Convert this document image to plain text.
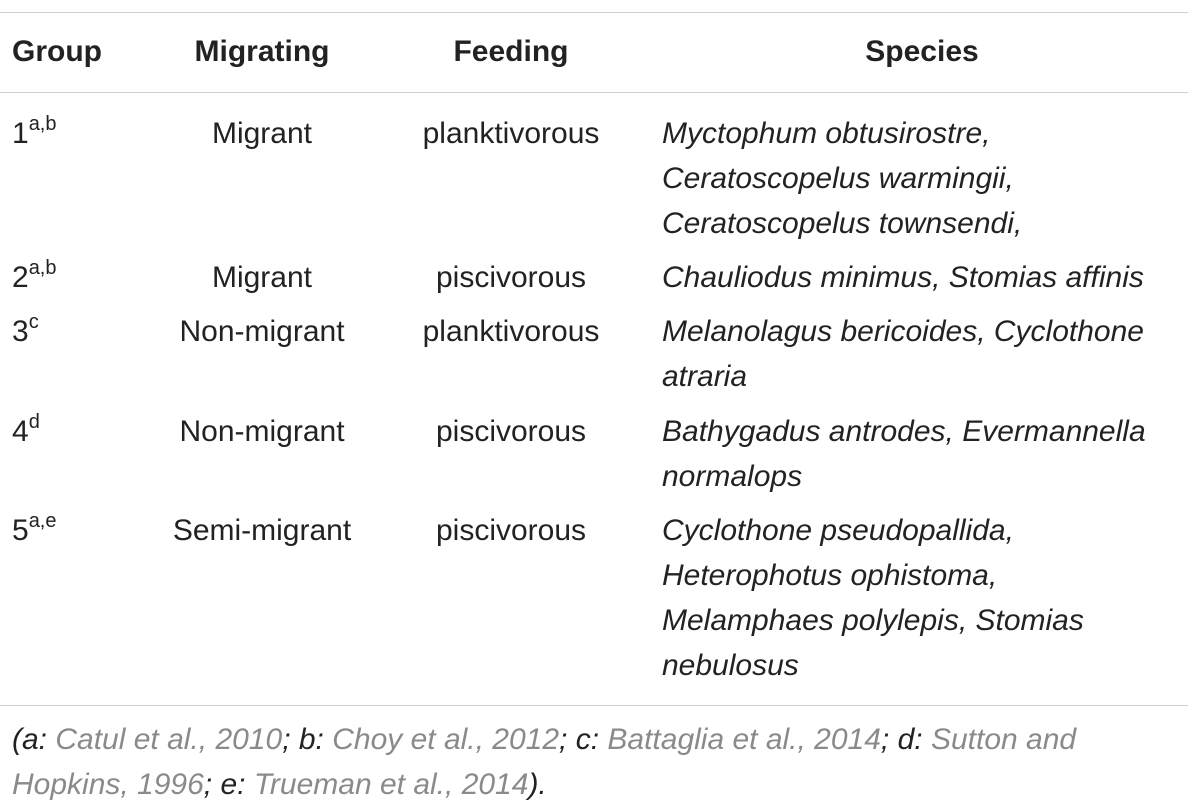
Group	Migrating	Feeding	Species
1$^{a,b}$	Migrant	planktivorous	Myctophum obtusirostre,
Ceratoscopelus warmingii,
Ceratoscopelus townsendi,
2$^{a,b}$	Migrant	piscivorous	Chauliodus minimus, Stomias affinis
3$^c$	Non-migrant	planktivorous	Melanolagus bericoides, Cyclothone
atraria
4$^d$	Non-migrant	piscivorous	Bathygadus antrodes, Evermannella
normalops
5$^{a,e}$	Semi-migrant	piscivorous	Cyclothone pseudopallida,
Heterophotus ophistoma,
Melamphaes polylepis, Stomias
nebulosus
(a: Catul et al., 2010; b: Choy et al., 2012; c: Battaglia et al., 2014; d: Sutton and
Hopkins, 1996; e: Trueman et al., 2014).
